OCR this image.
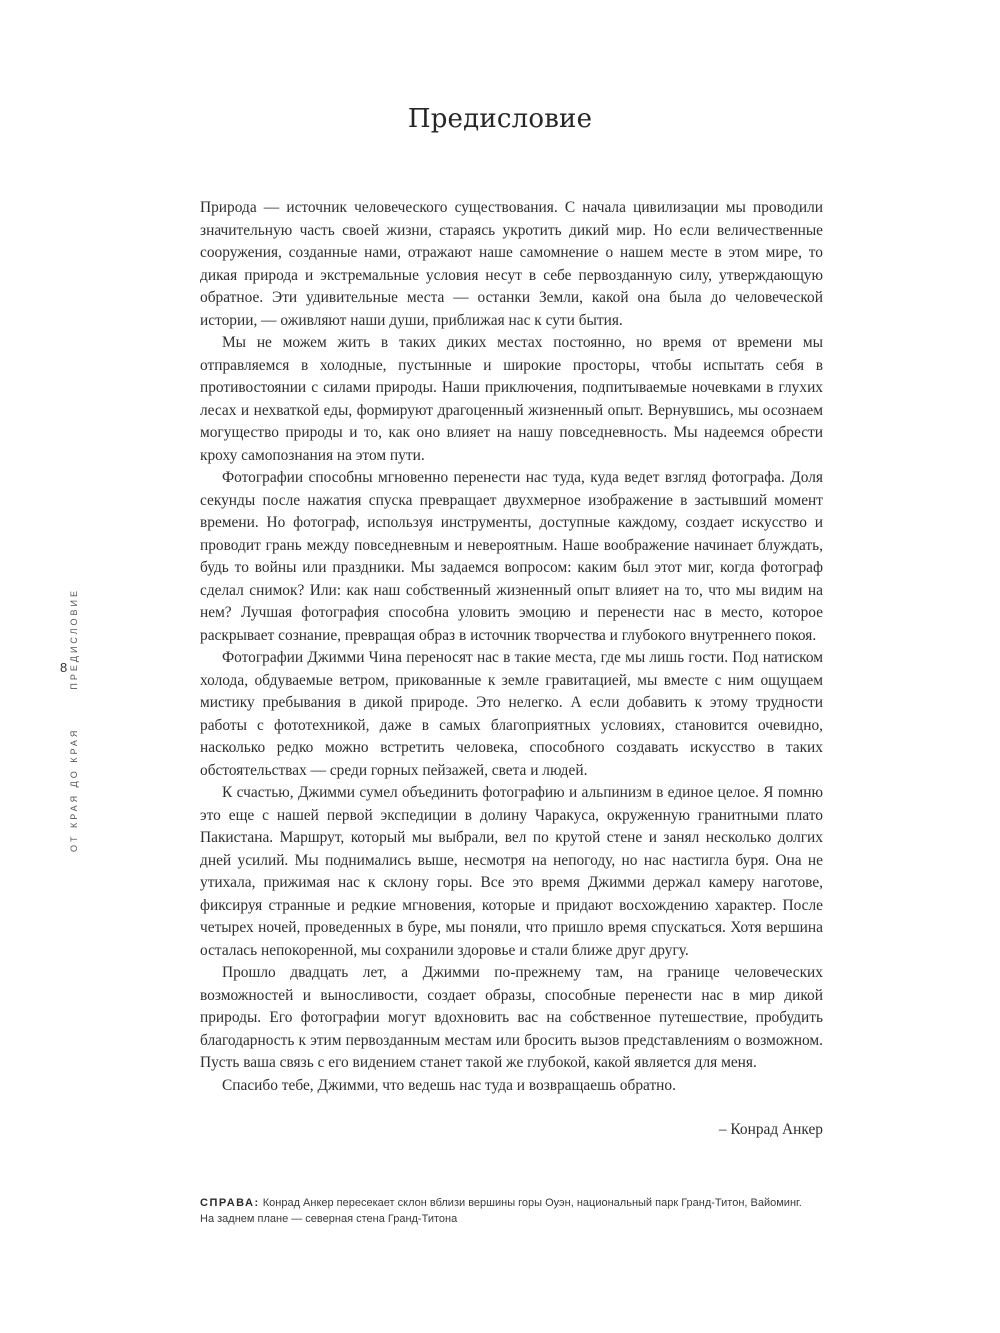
Предисловие

Природа — источник человеческого существования. С начала цивилизации мы проводили значительную часть своей жизни, стараясь укротить дикий мир. Но если величественные сооружения, созданные нами, отражают наше самомнение о нашем месте в этом мире, то дикая природа и экстремальные условия несут в себе первозданную силу, утверждающую обратное. Эти удивительные места — останки Земли, какой она была до человеческой истории, — оживляют наши души, приближая нас к сути бытия.

Мы не можем жить в таких диких местах постоянно, но время от времени мы отправляемся в холодные, пустынные и широкие просторы, чтобы испытать себя в противостоянии с силами природы. Наши приключения, подпитываемые ночевками в глухих лесах и нехваткой еды, формируют драгоценный жизненный опыт. Вернувшись, мы осознаем могущество природы и то, как оно влияет на нашу повседневность. Мы надеемся обрести кроху самопознания на этом пути.

Фотографии способны мгновенно перенести нас туда, куда ведет взгляд фотографа. Доля секунды после нажатия спуска превращает двухмерное изображение в застывший момент времени. Но фотограф, используя инструменты, доступные каждому, создает искусство и проводит грань между повседневным и невероятным. Наше воображение начинает блуждать, будь то войны или праздники. Мы задаемся вопросом: каким был этот миг, когда фотограф сделал снимок? Или: как наш собственный жизненный опыт влияет на то, что мы видим на нем? Лучшая фотография способна уловить эмоцию и перенести нас в место, которое раскрывает сознание, превращая образ в источник творчества и глубокого внутреннего покоя.

Фотографии Джимми Чина переносят нас в такие места, где мы лишь гости. Под натиском холода, обдуваемые ветром, прикованные к земле гравитацией, мы вместе с ним ощущаем мистику пребывания в дикой природе. Это нелегко. А если добавить к этому трудности работы с фототехникой, даже в самых благоприятных условиях, становится очевидно, насколько редко можно встретить человека, способного создавать искусство в таких обстоятельствах — среди горных пейзажей, света и людей.

К счастью, Джимми сумел объединить фотографию и альпинизм в единое целое. Я помню это еще с нашей первой экспедиции в долину Чаракуса, окруженную гранитными плато Пакистана. Маршрут, который мы выбрали, вел по крутой стене и занял несколько долгих дней усилий. Мы поднимались выше, несмотря на непогоду, но нас настигла буря. Она не утихала, прижимая нас к склону горы. Все это время Джимми держал камеру наготове, фиксируя странные и редкие мгновения, которые и придают восхождению характер. После четырех ночей, проведенных в буре, мы поняли, что пришло время спускаться. Хотя вершина осталась непокоренной, мы сохранили здоровье и стали ближе друг другу.

Прошло двадцать лет, а Джимми по-прежнему там, на границе человеческих возможностей и выносливости, создает образы, способные перенести нас в мир дикой природы. Его фотографии могут вдохновить вас на собственное путешествие, пробудить благодарность к этим первозданным местам или бросить вызов представлениям о возможном. Пусть ваша связь с его видением станет такой же глубокой, какой является для меня.

Спасибо тебе, Джимми, что ведешь нас туда и возвращаешь обратно.

– Конрад Анкер
СПРАВА: Конрад Анкер пересекает склон вблизи вершины горы Оуэн, национальный парк Гранд-Титон, Вайоминг. На заднем плане — северная стена Гранд-Титона
ОТ КРАЯ ДО КРАЯ
ПРЕДИСЛОВИЕ
8
